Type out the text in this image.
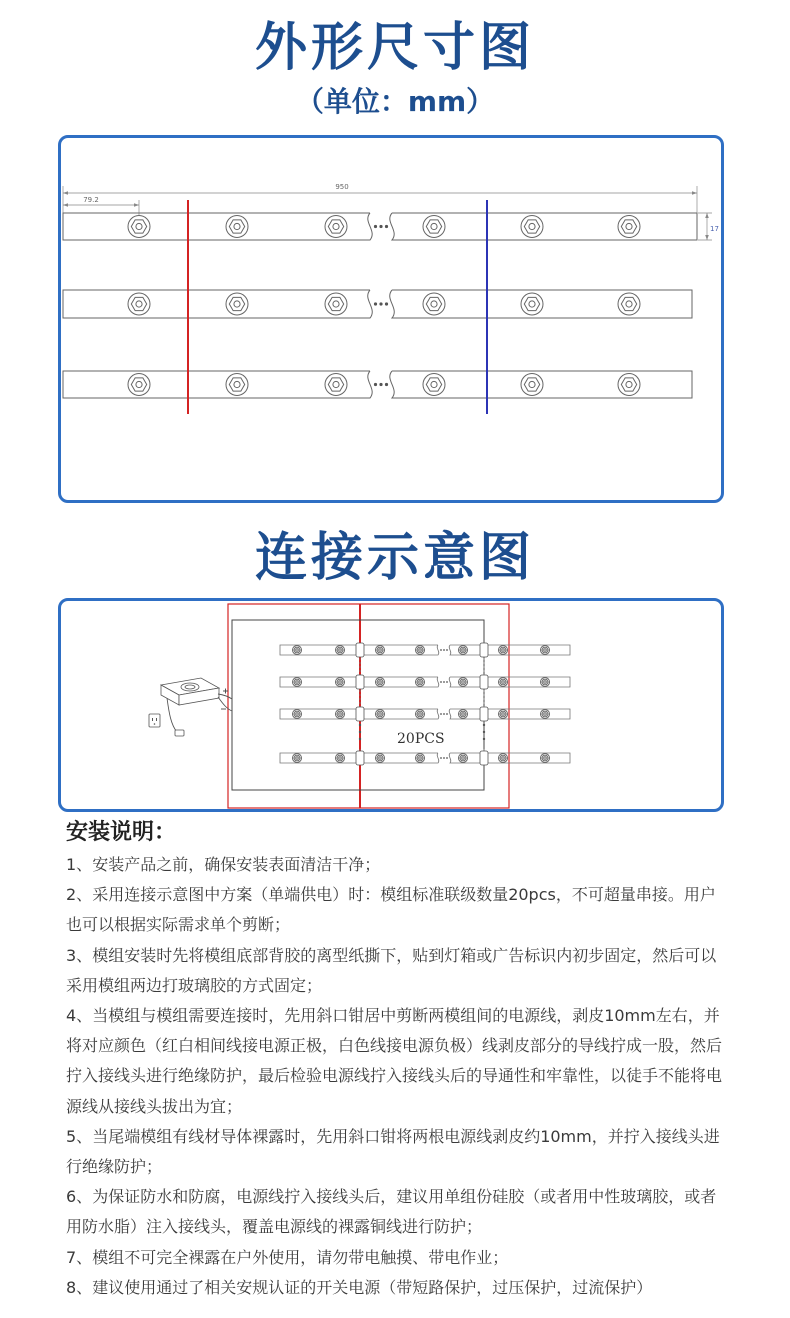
外形尺寸图
（单位：mm）
950
79.2
17
连接示意图
20PCS
安装说明：
1、安装产品之前，确保安装表面清洁干净；
2、采用连接示意图中方案（单端供电）时：模组标准联级数量20pcs，不可超量串接。用户也可以根据实际需求单个剪断；
3、模组安装时先将模组底部背胶的离型纸撕下，贴到灯箱或广告标识内初步固定，然后可以采用模组两边打玻璃胶的方式固定；
4、当模组与模组需要连接时，先用斜口钳居中剪断两模组间的电源线，剥皮10mm左右，并将对应颜色（红白相间线接电源正极，白色线接电源负极）线剥皮部分的导线拧成一股，然后拧入接线头进行绝缘防护，最后检验电源线拧入接线头后的导通性和牢靠性，以徒手不能将电源线从接线头拔出为宜；
5、当尾端模组有线材导体裸露时，先用斜口钳将两根电源线剥皮约10mm，并拧入接线头进行绝缘防护；
6、为保证防水和防腐，电源线拧入接线头后，建议用单组份硅胶（或者用中性玻璃胶，或者用防水脂）注入接线头，覆盖电源线的裸露铜线进行防护；
7、模组不可完全裸露在户外使用，请勿带电触摸、带电作业；
8、建议使用通过了相关安规认证的开关电源（带短路保护，过压保护，过流保护）
